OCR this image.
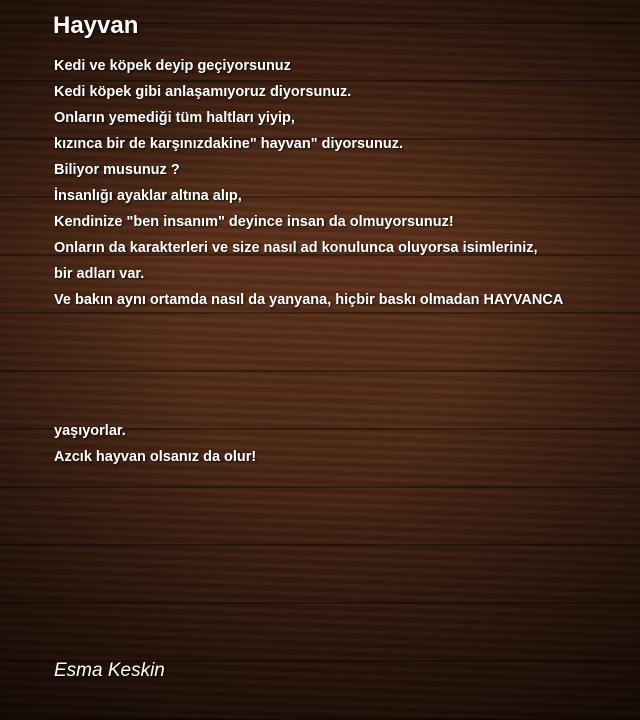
Hayvan
Kedi ve köpek deyip geçiyorsunuz
Kedi köpek gibi anlaşamıyoruz diyorsunuz.
Onların yemediği tüm haltları yiyip,
kızınca bir de karşınızdakine" hayvan" diyorsunuz.
Biliyor musunuz ?
İnsanlığı ayaklar altına alıp,
Kendinize "ben insanım" deyince insan da olmuyorsunuz!
Onların da karakterleri ve size nasıl ad konulunca oluyorsa isimleriniz,
bir adları var.
Ve bakın aynı ortamda nasıl da yanyana, hiçbir baskı olmadan HAYVANCA
yaşıyorlar.
Azcık hayvan olsanız da olur!
Esma Keskin
